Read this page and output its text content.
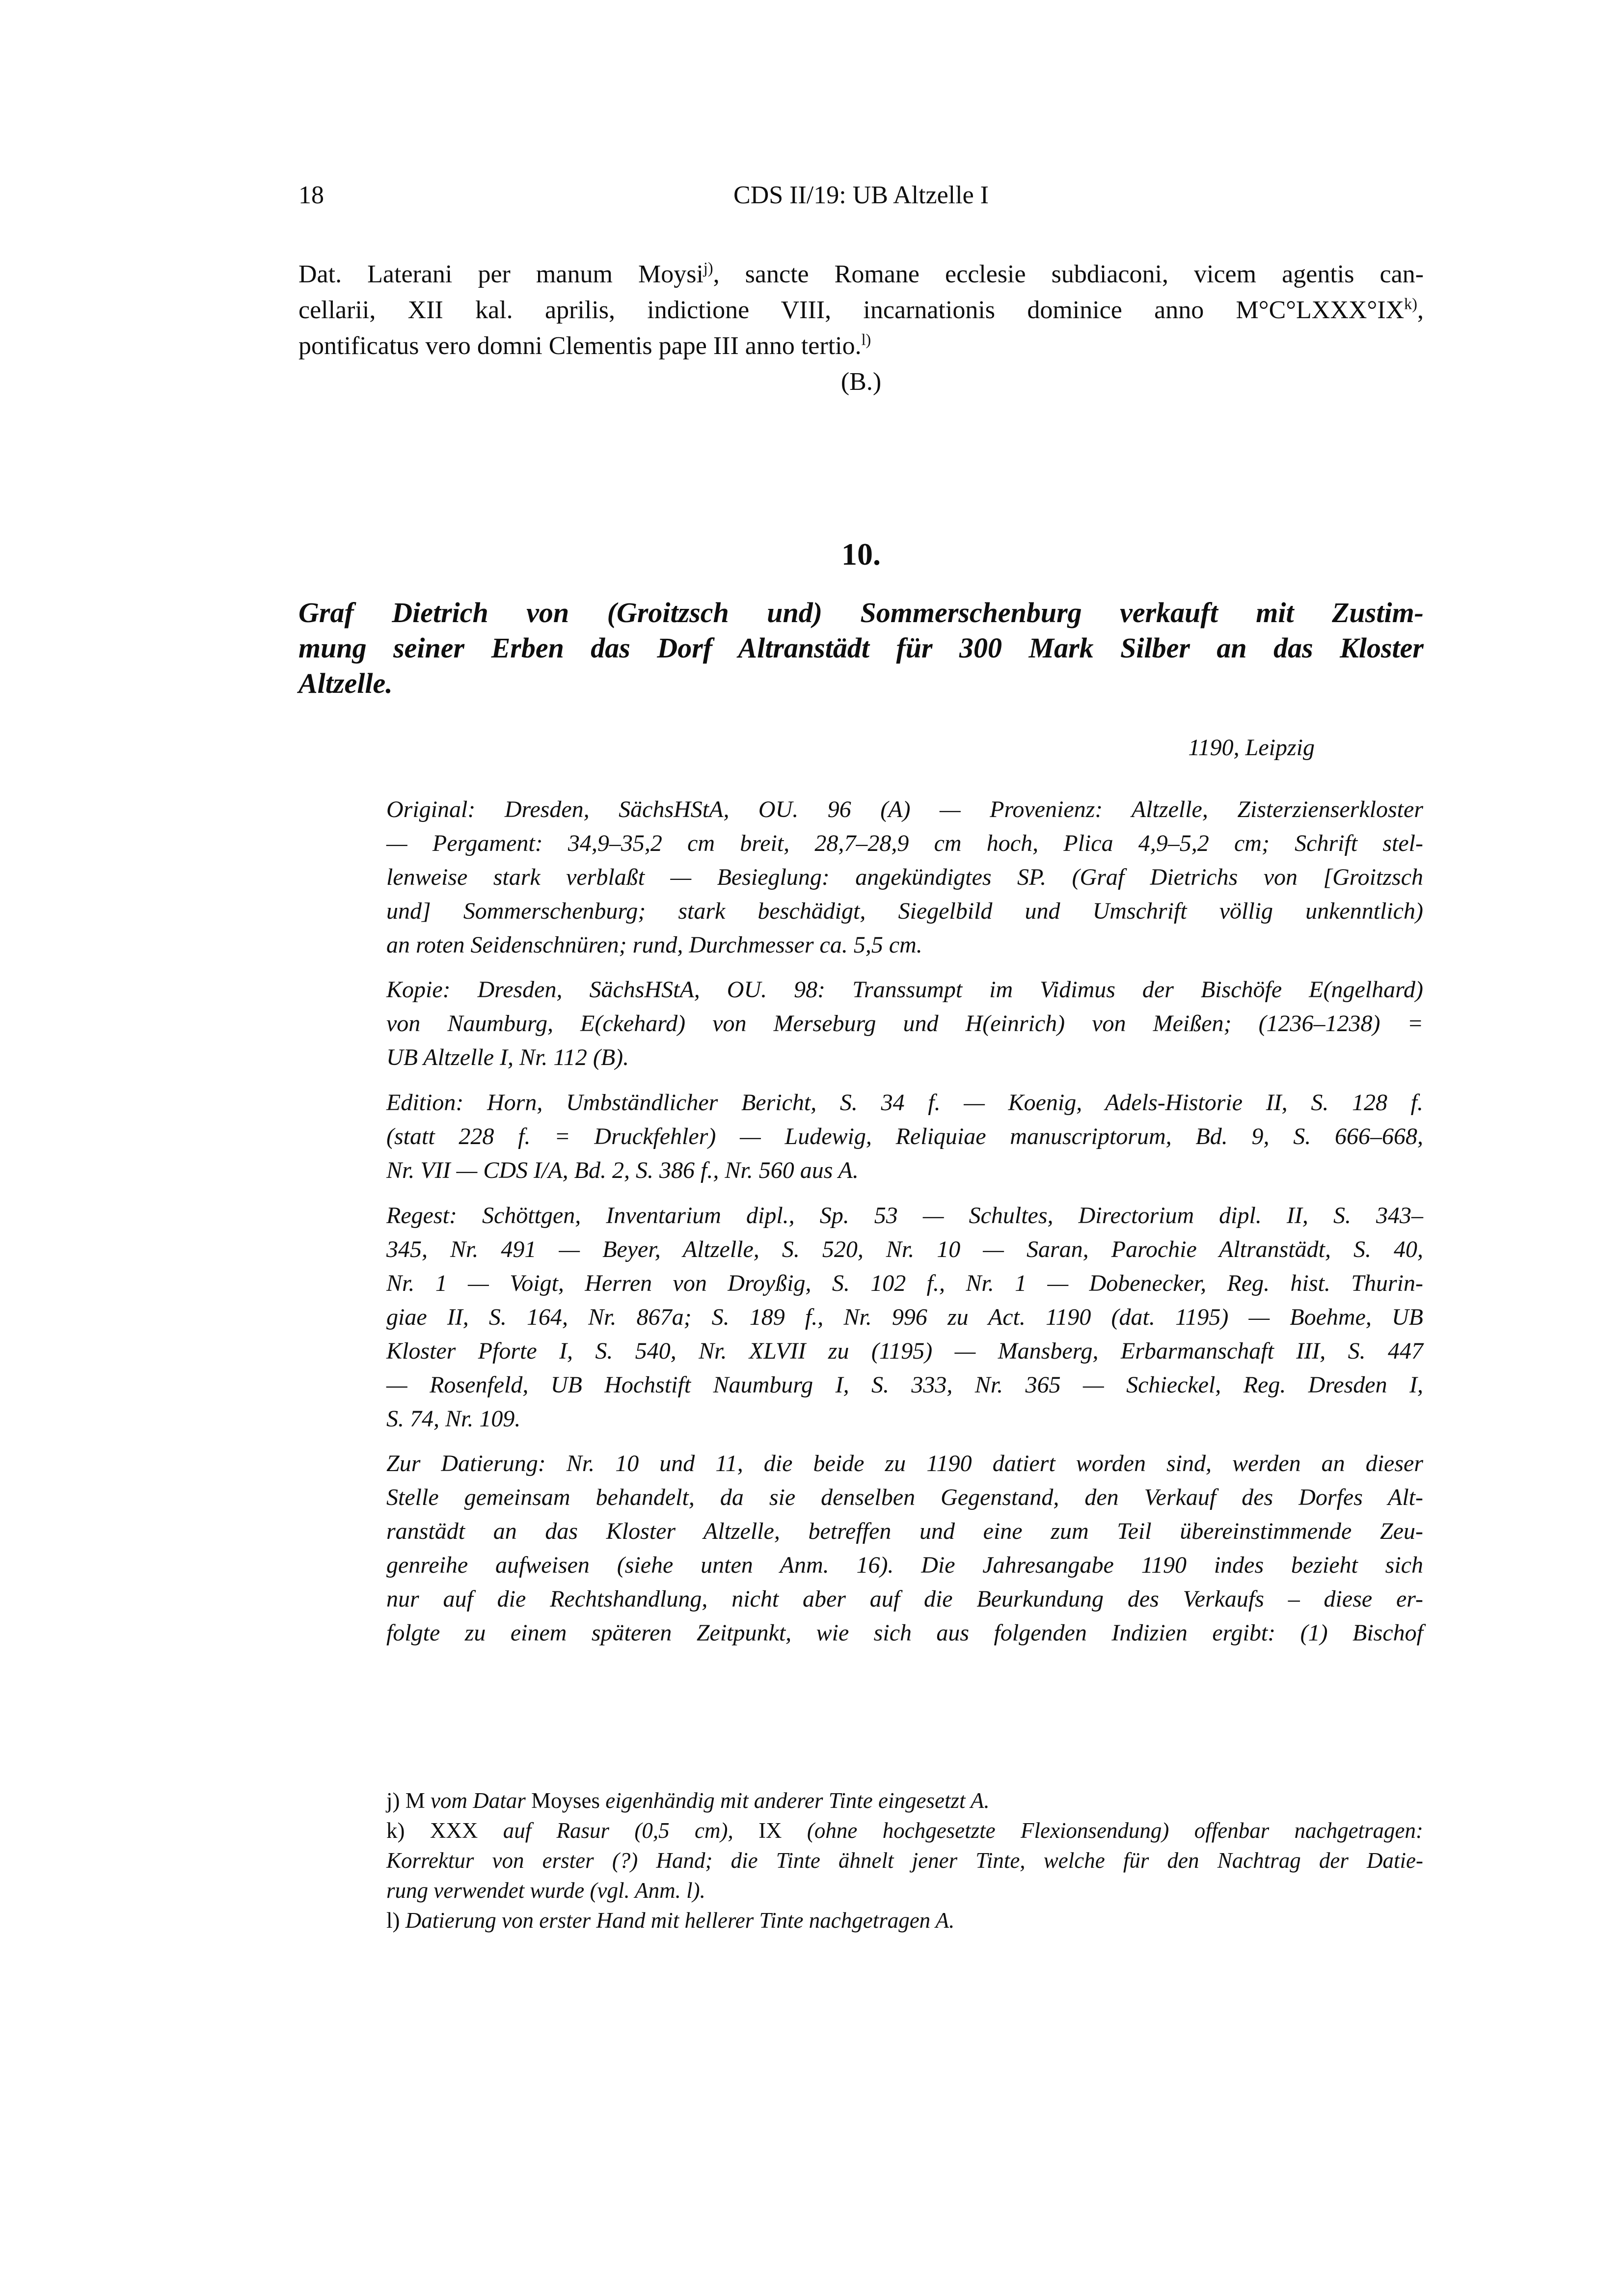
18	CDS II/19: UB Altzelle I
Dat. Laterani per manum Moysi$^{j)}$, sancte Romane ecclesie subdiaconi, vicem agentis can-
cellarii, XII kal. aprilis, indictione VIII, incarnationis dominice anno M°C°LXXX°IX$^{k)}$,
pontificatus vero domni Clementis pape III anno tertio.$^{l)}$
(B.)
10.
Graf Dietrich von (Groitzsch und) Sommerschenburg verkauft mit Zustim-
mung seiner Erben das Dorf Altranstädt für 300 Mark Silber an das Kloster
Altzelle.
1190, Leipzig
Original: Dresden, SächsHStA, OU. 96 (A) — Provenienz: Altzelle, Zisterzienserkloster
— Pergament: 34,9–35,2 cm breit, 28,7–28,9 cm hoch, Plica 4,9–5,2 cm; Schrift stel-
lenweise stark verblaßt — Besieglung: angekündigtes SP. (Graf Dietrichs von [Groitzsch
und] Sommerschenburg; stark beschädigt, Siegelbild und Umschrift völlig unkenntlich)
an roten Seidenschnüren; rund, Durchmesser ca. 5,5 cm.
Kopie: Dresden, SächsHStA, OU. 98: Transsumpt im Vidimus der Bischöfe E(ngelhard)
von Naumburg, E(ckehard) von Merseburg und H(einrich) von Meißen; (1236–1238) =
UB Altzelle I, Nr. 112 (B).
Edition: Horn, Umbständlicher Bericht, S. 34 f. — Koenig, Adels-Historie II, S. 128 f.
(statt 228 f. = Druckfehler) — Ludewig, Reliquiae manuscriptorum, Bd. 9, S. 666–668,
Nr. VII — CDS I/A, Bd. 2, S. 386 f., Nr. 560 aus A.
Regest: Schöttgen, Inventarium dipl., Sp. 53 — Schultes, Directorium dipl. II, S. 343–
345, Nr. 491 — Beyer, Altzelle, S. 520, Nr. 10 — Saran, Parochie Altranstädt, S. 40,
Nr. 1 — Voigt, Herren von Droyßig, S. 102 f., Nr. 1 — Dobenecker, Reg. hist. Thurin-
giae II, S. 164, Nr. 867a; S. 189 f., Nr. 996 zu Act. 1190 (dat. 1195) — Boehme, UB
Kloster Pforte I, S. 540, Nr. XLVII zu (1195) — Mansberg, Erbarmanschaft III, S. 447
— Rosenfeld, UB Hochstift Naumburg I, S. 333, Nr. 365 — Schieckel, Reg. Dresden I,
S. 74, Nr. 109.
Zur Datierung: Nr. 10 und 11, die beide zu 1190 datiert worden sind, werden an dieser
Stelle gemeinsam behandelt, da sie denselben Gegenstand, den Verkauf des Dorfes Alt-
ranstädt an das Kloster Altzelle, betreffen und eine zum Teil übereinstimmende Zeu-
genreihe aufweisen (siehe unten Anm. 16). Die Jahresangabe 1190 indes bezieht sich
nur auf die Rechtshandlung, nicht aber auf die Beurkundung des Verkaufs – diese er-
folgte zu einem späteren Zeitpunkt, wie sich aus folgenden Indizien ergibt: (1) Bischof
j) M vom Datar Moyses eigenhändig mit anderer Tinte eingesetzt A.
k) XXX auf Rasur (0,5 cm), IX (ohne hochgesetzte Flexionsendung) offenbar nachgetragen:
Korrektur von erster (?) Hand; die Tinte ähnelt jener Tinte, welche für den Nachtrag der Datie-
rung verwendet wurde (vgl. Anm. l).
l) Datierung von erster Hand mit hellerer Tinte nachgetragen A.
